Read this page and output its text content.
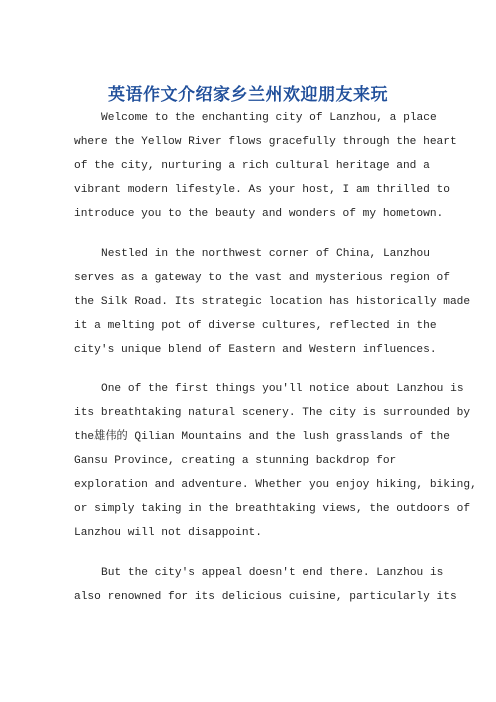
英语作文介绍家乡兰州欢迎朋友来玩
Welcome to the enchanting city of Lanzhou, a place
where the Yellow River flows gracefully through the heart
of the city, nurturing a rich cultural heritage and a
vibrant modern lifestyle. As your host, I am thrilled to
introduce you to the beauty and wonders of my hometown.
Nestled in the northwest corner of China, Lanzhou
serves as a gateway to the vast and mysterious region of
the Silk Road. Its strategic location has historically made
it a melting pot of diverse cultures, reflected in the
city's unique blend of Eastern and Western influences.
One of the first things you'll notice about Lanzhou is
its breathtaking natural scenery. The city is surrounded by
the雄伟的 Qilian Mountains and the lush grasslands of the
Gansu Province, creating a stunning backdrop for
exploration and adventure. Whether you enjoy hiking, biking,
or simply taking in the breathtaking views, the outdoors of
Lanzhou will not disappoint.
But the city's appeal doesn't end there. Lanzhou is
also renowned for its delicious cuisine, particularly its
